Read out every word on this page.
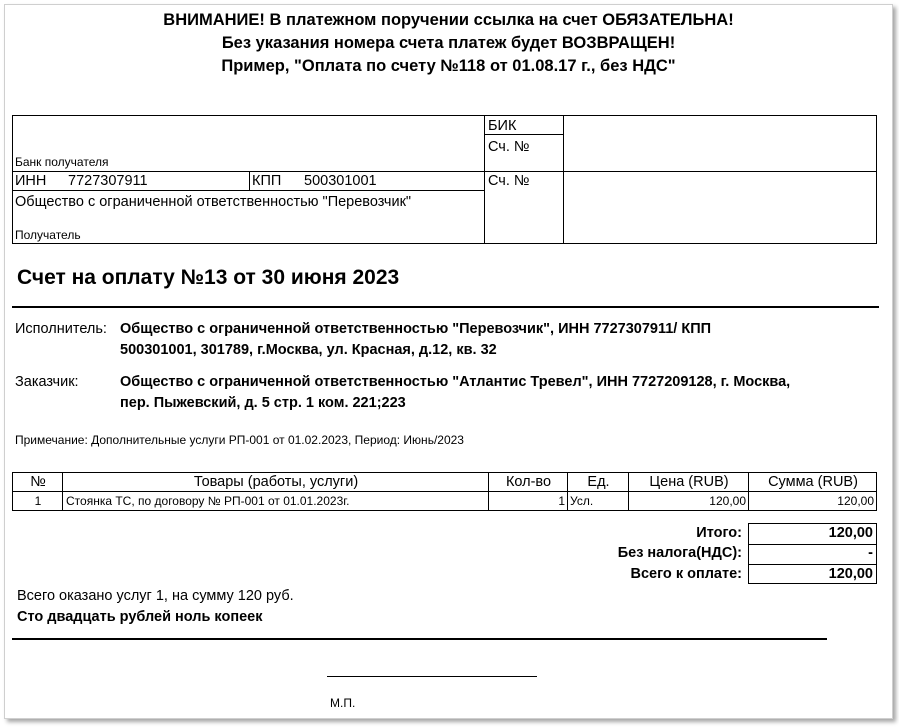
ВНИМАНИЕ! В платежном поручении ссылка на счет ОБЯЗАТЕЛЬНА!
Без указания номера счета платеж будет ВОЗВРАЩЕН!
Пример, "Оплата по счету №118 от 01.08.17 г., без НДС"
Банк получателя
БИК
Сч. №
Сч. №
ИНН 7727307911	КПП 500301001
Общество с ограниченной ответственностью "Перевозчик"
Получатель
Счет на оплату №13 от 30 июня 2023
Исполнитель: Общество с ограниченной ответственностью "Перевозчик", ИНН 7727307911/ КПП
500301001, 301789, г.Москва, ул. Красная, д.12, кв. 32
Заказчик:	Общество с ограниченной ответственностью "Атлантис Тревел", ИНН 7727209128, г. Москва,
пер. Пыжевский, д. 5 стр. 1 ком. 221;223
Примечание: Дополнительные услуги РП-001 от 01.02.2023, Период: Июнь/2023
№	Товары (работы, услуги)	Кол-во	Ед.	Цена (RUB)	Сумма (RUB)
1	Стоянка ТС, по договору № РП-001 от 01.01.2023г.	1 Усл.	120,00	120,00
Итого:	120,00
Без налога(НДС):	-
Всего к оплате:	120,00
Всего оказано услуг 1, на сумму 120 руб.
Сто двадцать рублей ноль копеек
М.П.
